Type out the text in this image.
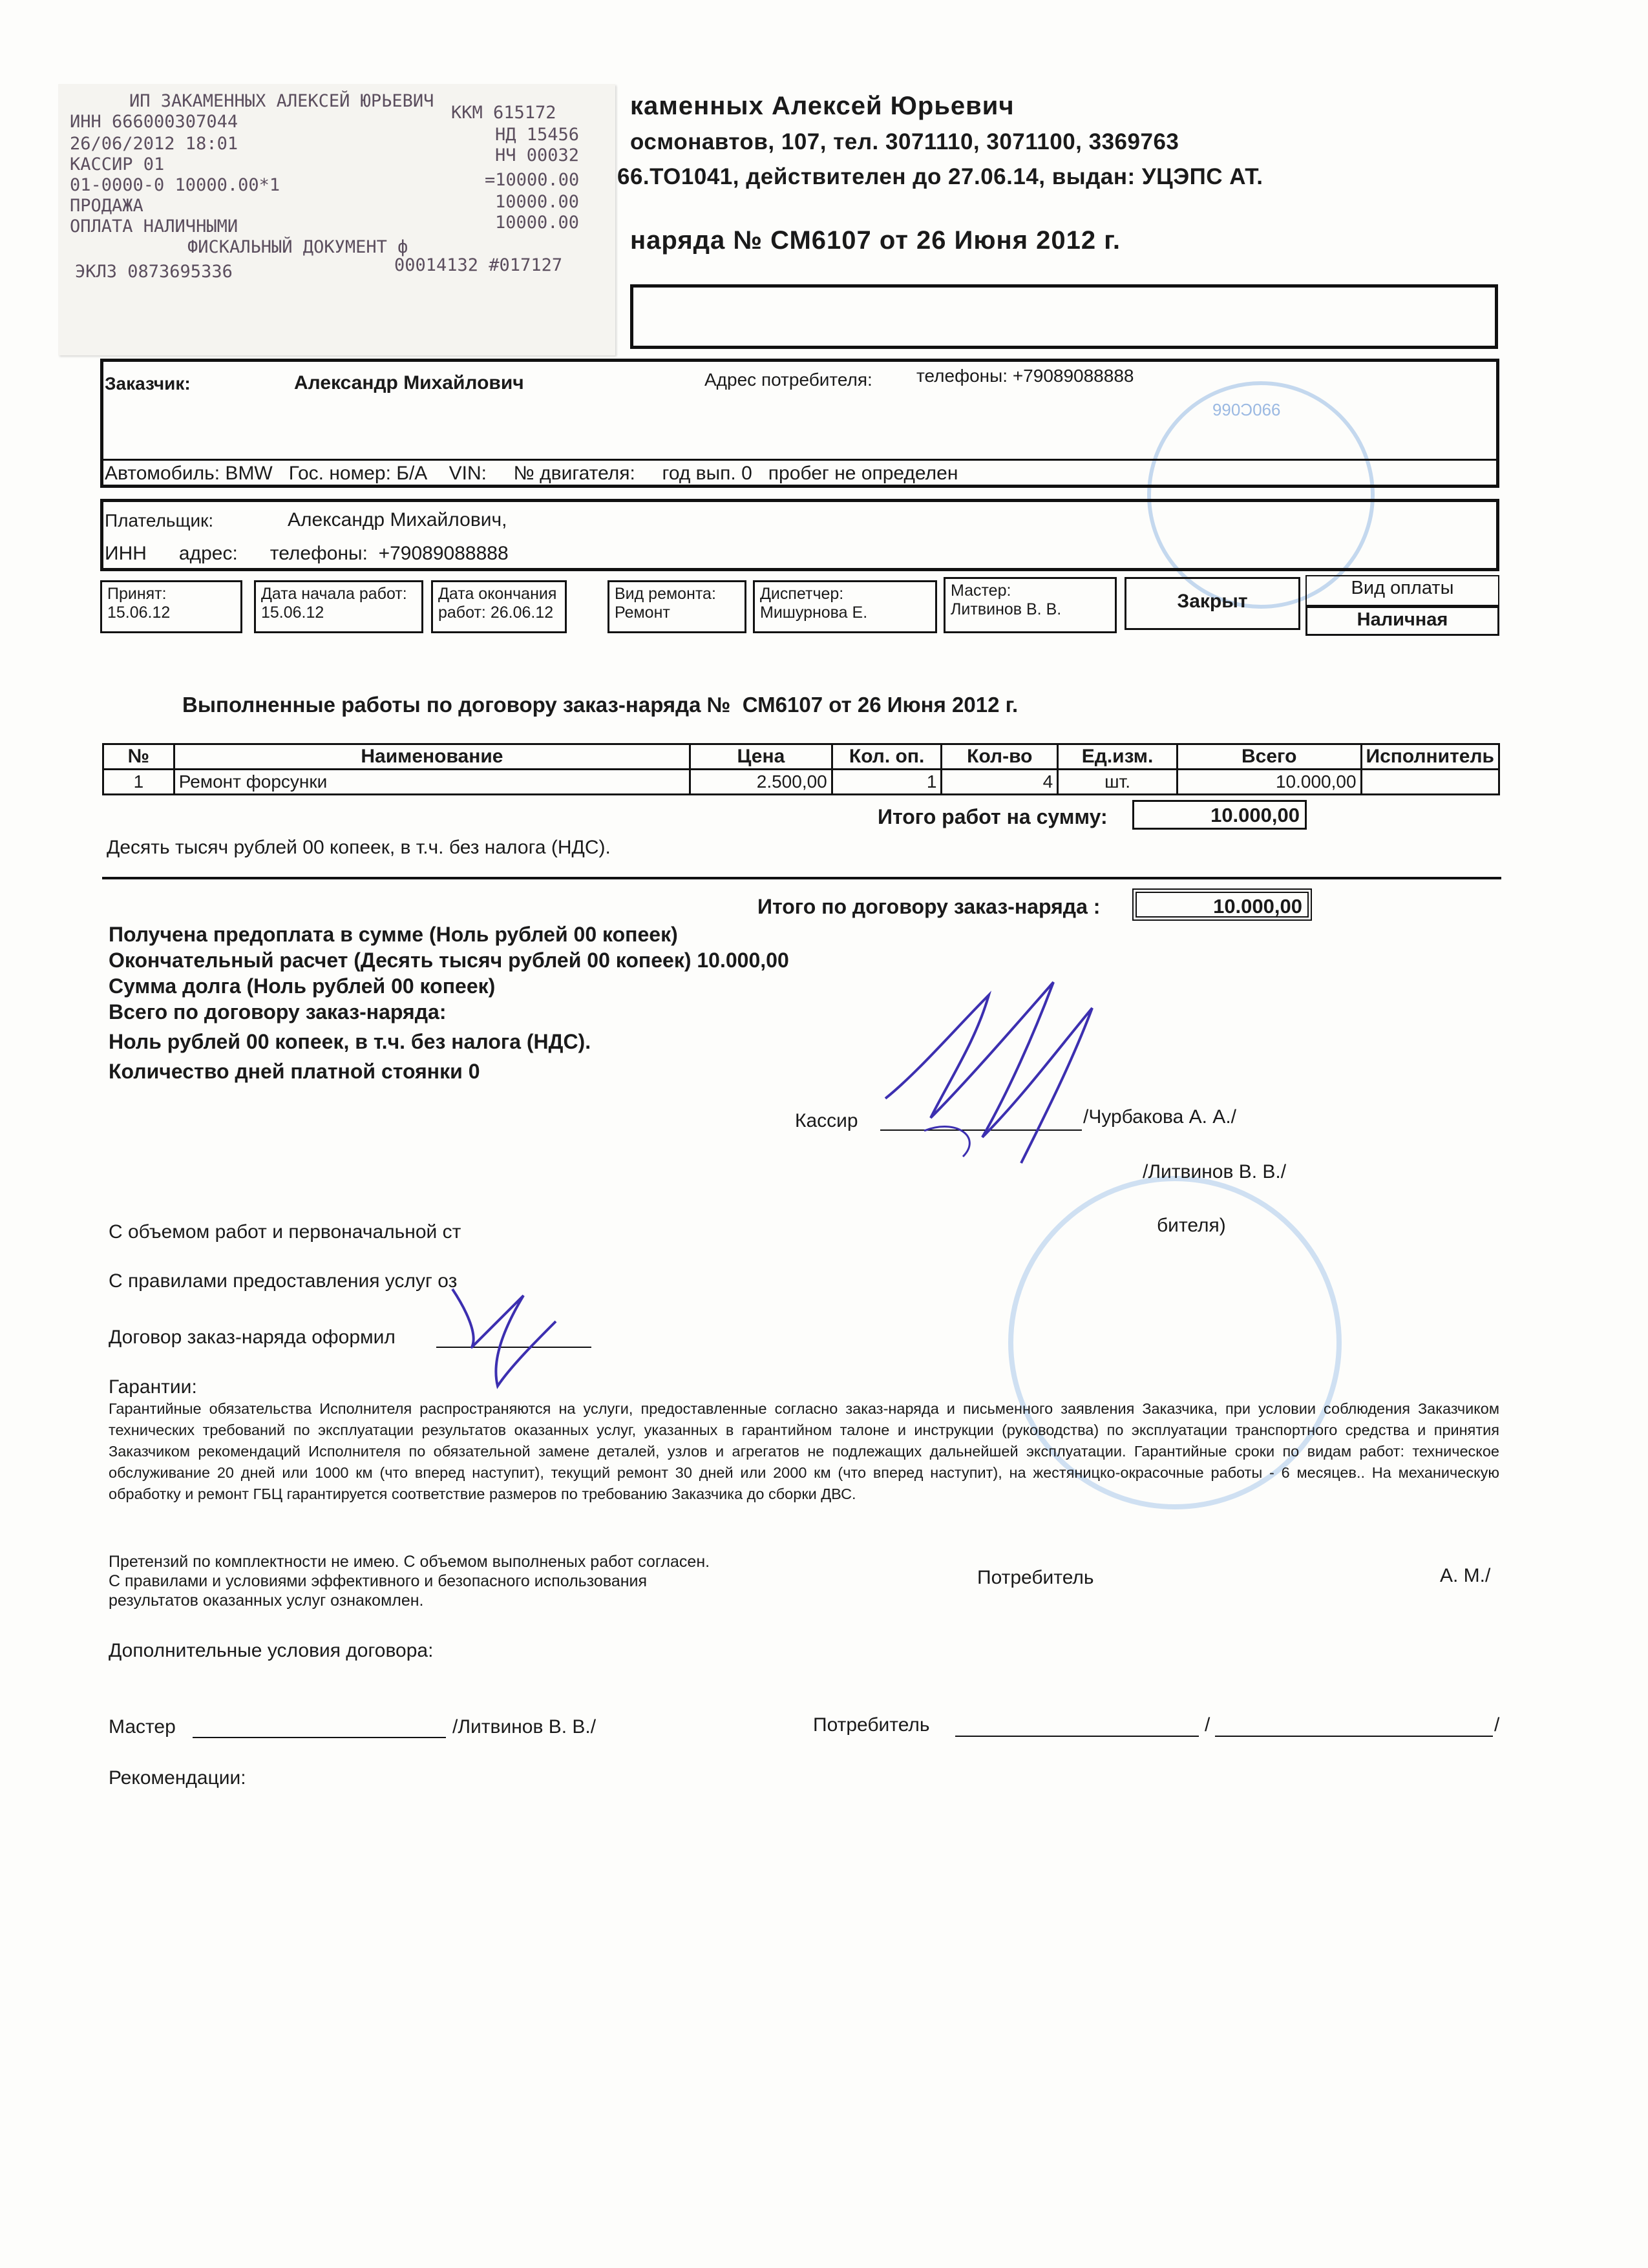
990С066
ИП ЗАКАМЕННЫХ АЛЕКСЕЙ ЮРЬЕВИЧ
ИНН 666000307044	ККМ 615172
26/06/2012 18:01	НД 15456
КАССИР 01	НЧ 00032
01-0000-0 10000.00*1	=10000.00
ПРОДАЖА	10000.00
ОПЛАТА НАЛИЧНЫМИ	10000.00
ФИСКАЛЬНЫЙ ДОКУМЕНТ ф
ЭКЛЗ 0873695336	00014132 #017127
каменных Алексей Юрьевич
осмонавтов, 107, тел. 3071110, 3071100, 3369763
66.ТО1041, действителен до 27.06.14, выдан: УЦЭПС АТ.
наряда № СМ6107 от 26 Июня 2012 г.
Заказчик:	Александр Михайлович	Адрес потребителя: телефоны: +79089088888
Автомобиль: BMW   Гос. номер: Б/А    VIN:     № двигателя:     год вып. 0   пробег не определен
Плательщик:	Александр Михайлович,
ИНН      адрес:      телефоны:  +79089088888
Принят:
15.06.12
Дата начала работ:
15.06.12
Дата окончания
работ: 26.06.12
Вид ремонта:
Ремонт
Диспетчер:
Мишурнова Е.
Мастер:
Литвинов В. В.	Закрыт
Вид оплаты
Наличная
Выполненные работы по договору заказ-наряда №  СМ6107 от 26 Июня 2012 г.
№	Наименование	Цена	Кол. оп.	Кол-во	Ед.изм.	Всего	Исполнитель
1	Ремонт форсунки	2.500,00	1	4	шт.	10.000,00	
Итого работ на сумму:	10.000,00
Десять тысяч рублей 00 копеек, в т.ч. без налога (НДС).
Итого по договору заказ-наряда :	10.000,00
Получена предоплата в сумме (Ноль рублей 00 копеек)
Окончательный расчет (Десять тысяч рублей 00 копеек) 10.000,00
Сумма долга (Ноль рублей 00 копеек)
Всего по договору заказ-наряда:
Ноль рублей 00 копеек, в т.ч. без налога (НДС).
Количество дней платной стоянки 0
Кассир	/Чурбакова А. А./
/Литвинов В. В./
бителя)
С объемом работ и первоначальной ст
С правилами предоставления услуг оз
Договор заказ-наряда оформил
Гарантии:
Гарантийные обязательства Исполнителя распространяются на услуги, предоставленные согласно заказ-наряда и письменного заявления Заказчика, при условии соблюдения Заказчиком технических требований по эксплуатации результатов оказанных услуг, указанных в гарантийном талоне и инструкции (руководства) по эксплуатации транспортного средства и принятия Заказчиком рекомендаций Исполнителя по обязательной замене деталей, узлов и агрегатов не подлежащих дальнейшей эксплуатации. Гарантийные сроки по видам работ: техническое обслуживание 20 дней или 1000 км (что вперед наступит), текущий ремонт 30 дней или 2000 км (что вперед наступит), на жестяницко-окрасочные работы - 6 месяцев.. На механическую обработку и ремонт ГБЦ гарантируется соответствие размеров по требованию Заказчика до сборки ДВС.
Претензий по комплектности не имею. С объемом выполненых работ согласен.
С правилами и условиями эффективного и безопасного использования
результатов оказанных услуг ознакомлен.
Потребитель	А. М./
Дополнительные условия договора:
Мастер	/Литвинов В. В./	Потребитель	/	/
Рекомендации:
